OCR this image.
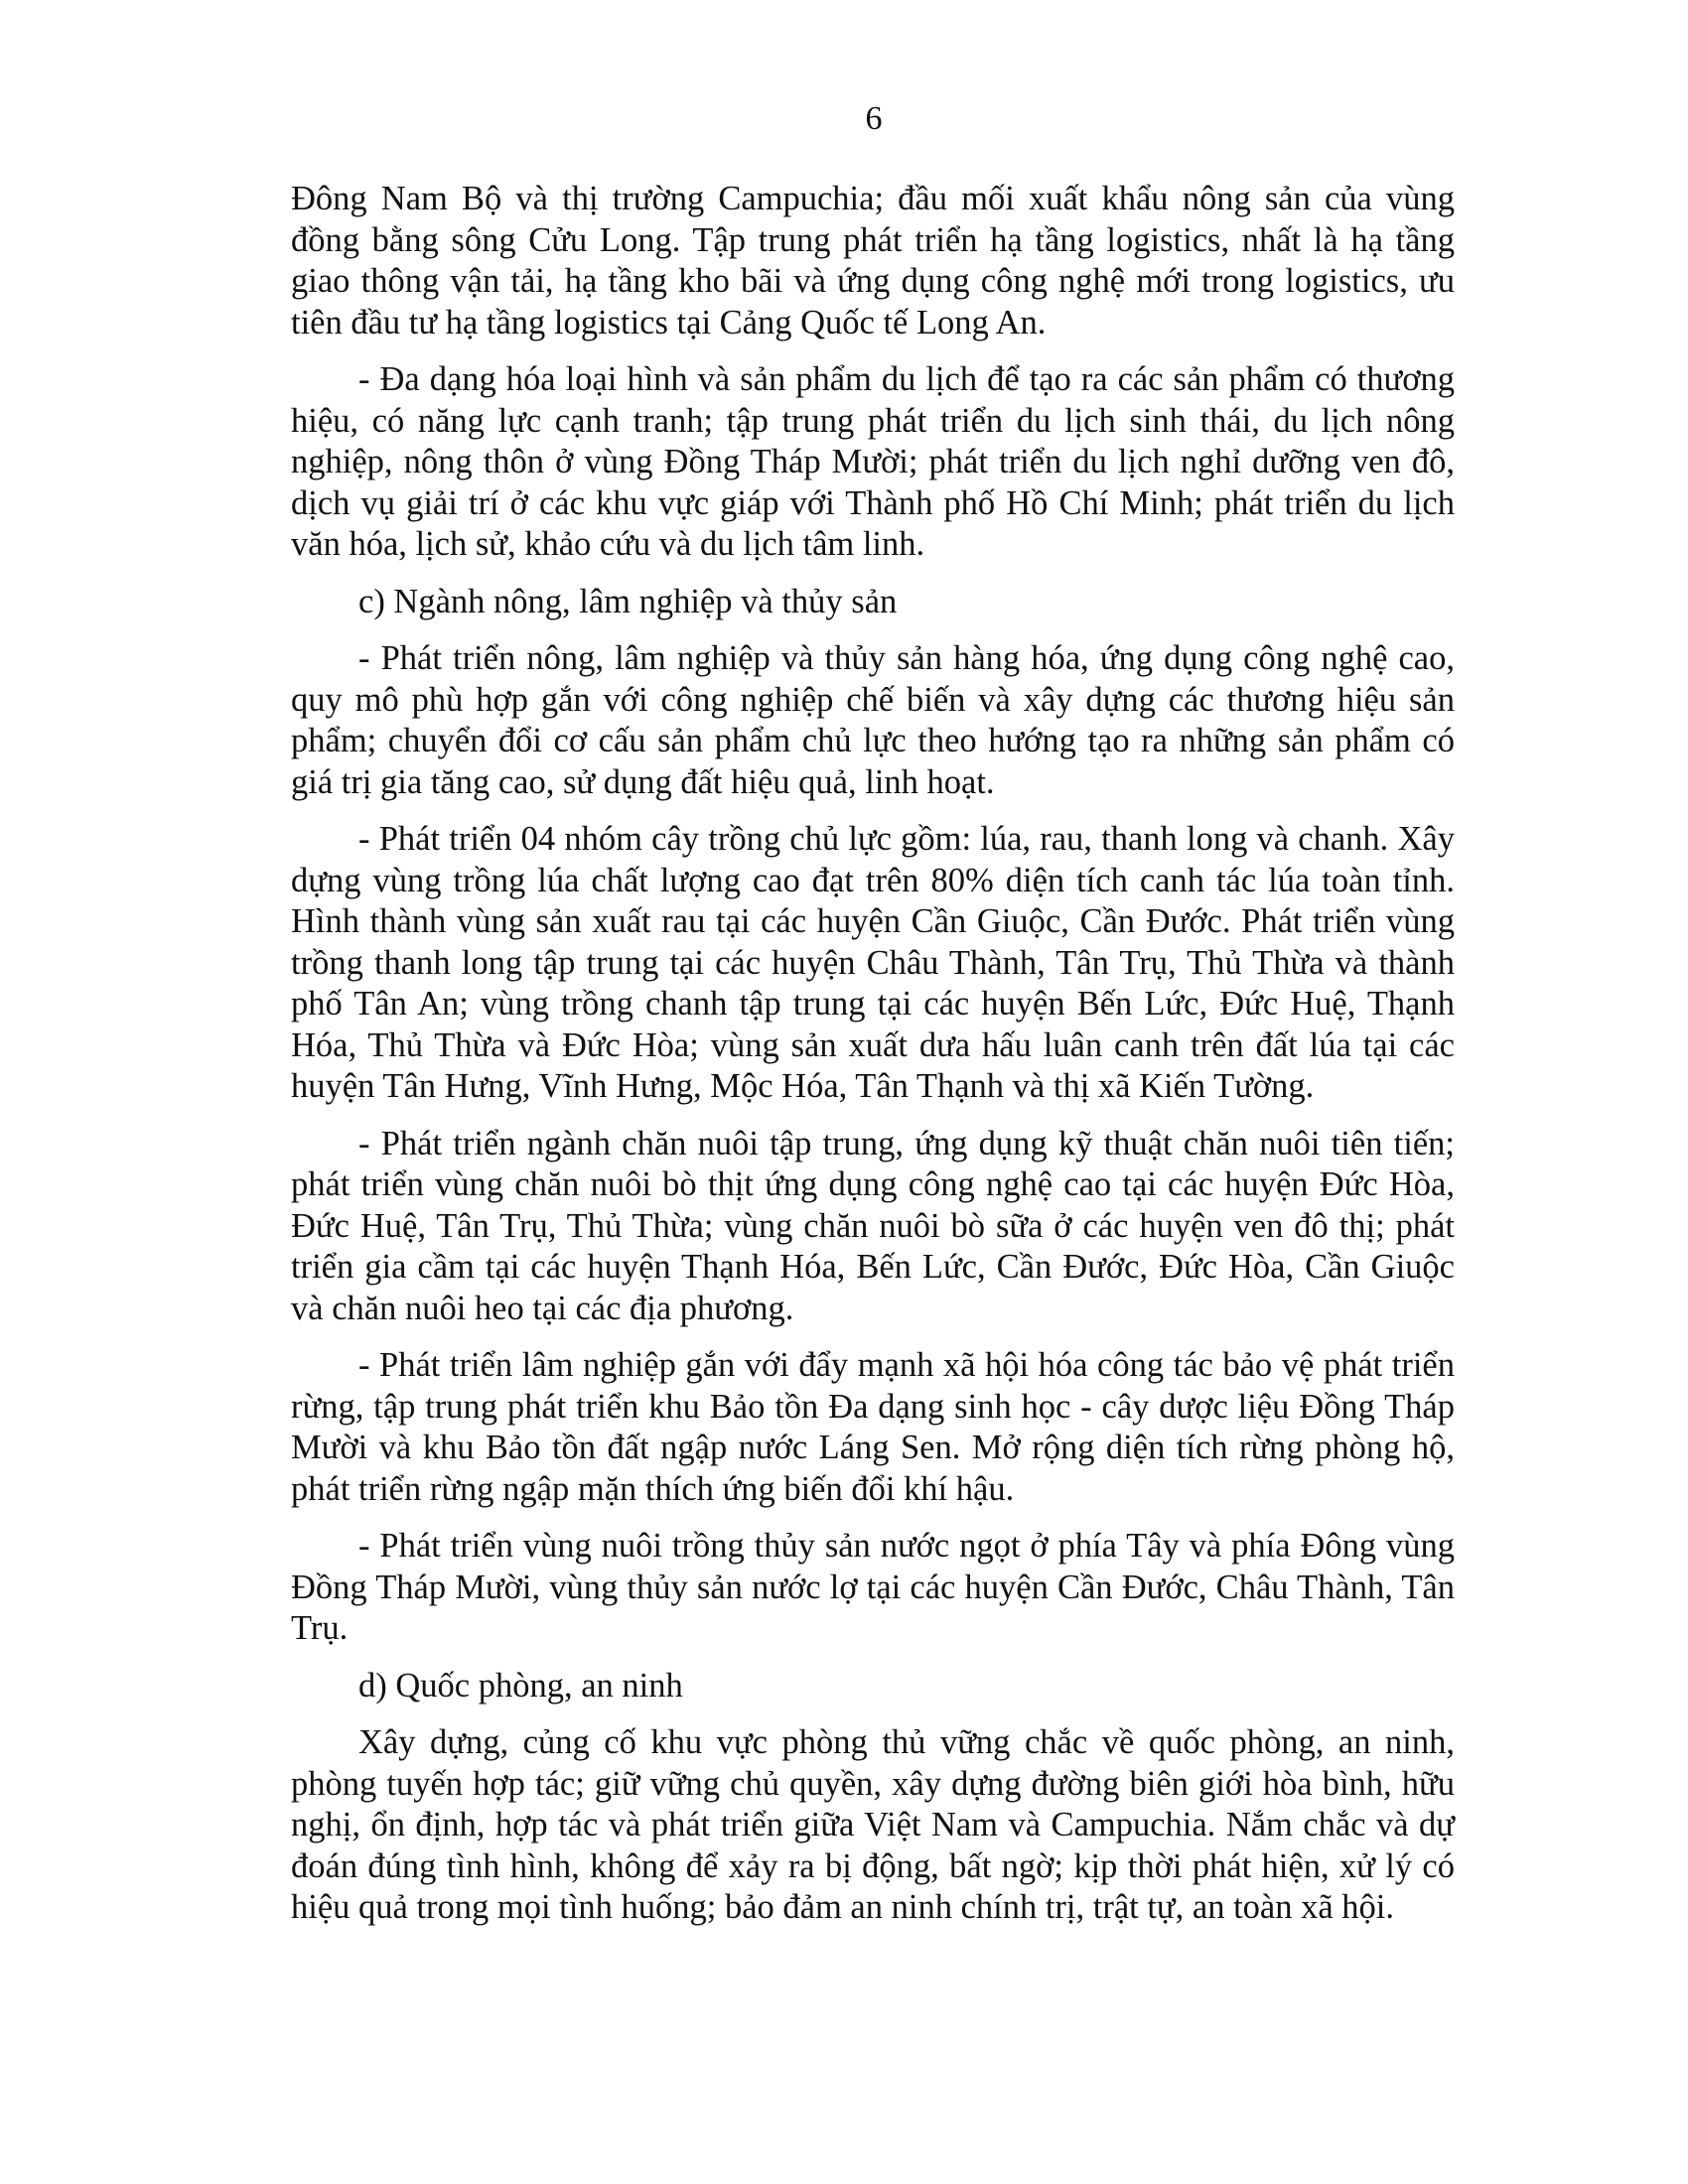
6

Đông Nam Bộ và thị trường Campuchia; đầu mối xuất khẩu nông sản của vùng đồng bằng sông Cửu Long. Tập trung phát triển hạ tầng logistics, nhất là hạ tầng giao thông vận tải, hạ tầng kho bãi và ứng dụng công nghệ mới trong logistics, ưu tiên đầu tư hạ tầng logistics tại Cảng Quốc tế Long An.

- Đa dạng hóa loại hình và sản phẩm du lịch để tạo ra các sản phẩm có thương hiệu, có năng lực cạnh tranh; tập trung phát triển du lịch sinh thái, du lịch nông nghiệp, nông thôn ở vùng Đồng Tháp Mười; phát triển du lịch nghỉ dưỡng ven đô, dịch vụ giải trí ở các khu vực giáp với Thành phố Hồ Chí Minh; phát triển du lịch văn hóa, lịch sử, khảo cứu và du lịch tâm linh.

c) Ngành nông, lâm nghiệp và thủy sản

- Phát triển nông, lâm nghiệp và thủy sản hàng hóa, ứng dụng công nghệ cao, quy mô phù hợp gắn với công nghiệp chế biến và xây dựng các thương hiệu sản phẩm; chuyển đổi cơ cấu sản phẩm chủ lực theo hướng tạo ra những sản phẩm có giá trị gia tăng cao, sử dụng đất hiệu quả, linh hoạt.

- Phát triển 04 nhóm cây trồng chủ lực gồm: lúa, rau, thanh long và chanh. Xây dựng vùng trồng lúa chất lượng cao đạt trên 80% diện tích canh tác lúa toàn tỉnh. Hình thành vùng sản xuất rau tại các huyện Cần Giuộc, Cần Đước. Phát triển vùng trồng thanh long tập trung tại các huyện Châu Thành, Tân Trụ, Thủ Thừa và thành phố Tân An; vùng trồng chanh tập trung tại các huyện Bến Lức, Đức Huệ, Thạnh Hóa, Thủ Thừa và Đức Hòa; vùng sản xuất dưa hấu luân canh trên đất lúa tại các huyện Tân Hưng, Vĩnh Hưng, Mộc Hóa, Tân Thạnh và thị xã Kiến Tường.

- Phát triển ngành chăn nuôi tập trung, ứng dụng kỹ thuật chăn nuôi tiên tiến; phát triển vùng chăn nuôi bò thịt ứng dụng công nghệ cao tại các huyện Đức Hòa, Đức Huệ, Tân Trụ, Thủ Thừa; vùng chăn nuôi bò sữa ở các huyện ven đô thị; phát triển gia cầm tại các huyện Thạnh Hóa, Bến Lức, Cần Đước, Đức Hòa, Cần Giuộc và chăn nuôi heo tại các địa phương.

- Phát triển lâm nghiệp gắn với đẩy mạnh xã hội hóa công tác bảo vệ phát triển rừng, tập trung phát triển khu Bảo tồn Đa dạng sinh học - cây dược liệu Đồng Tháp Mười và khu Bảo tồn đất ngập nước Láng Sen. Mở rộng diện tích rừng phòng hộ, phát triển rừng ngập mặn thích ứng biến đổi khí hậu.

- Phát triển vùng nuôi trồng thủy sản nước ngọt ở phía Tây và phía Đông vùng Đồng Tháp Mười, vùng thủy sản nước lợ tại các huyện Cần Đước, Châu Thành, Tân Trụ.

d) Quốc phòng, an ninh

Xây dựng, củng cố khu vực phòng thủ vững chắc về quốc phòng, an ninh, phòng tuyến hợp tác; giữ vững chủ quyền, xây dựng đường biên giới hòa bình, hữu nghị, ổn định, hợp tác và phát triển giữa Việt Nam và Campuchia. Nắm chắc và dự đoán đúng tình hình, không để xảy ra bị động, bất ngờ; kịp thời phát hiện, xử lý có hiệu quả trong mọi tình huống; bảo đảm an ninh chính trị, trật tự, an toàn xã hội.
